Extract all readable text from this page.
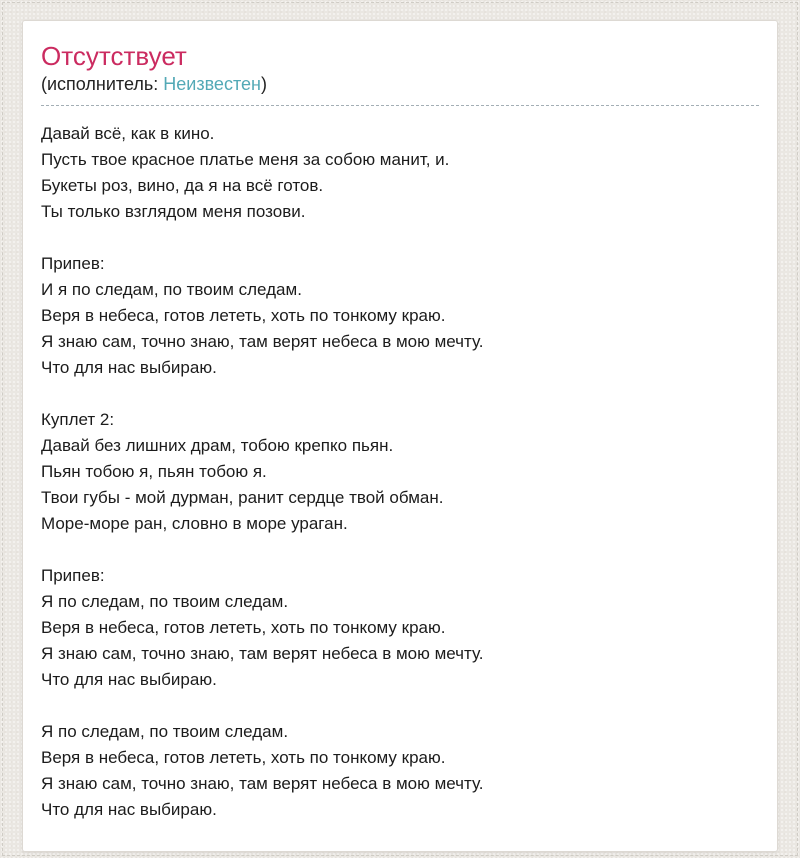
Отсутствует
(исполнитель: Неизвестен)
Давай всё, как в кино.
Пусть твое красное платье меня за собою манит, и.
Букеты роз, вино, да я на всё готов.
Ты только взглядом меня позови.
Припев:
И я по следам, по твоим следам.
Веря в небеса, готов лететь, хоть по тонкому краю.
Я знаю сам, точно знаю, там верят небеса в мою мечту.
Что для нас выбираю.
Куплет 2:
Давай без лишних драм, тобою крепко пьян.
Пьян тобою я, пьян тобою я.
Твои губы - мой дурман, ранит сердце твой обман.
Море-море ран, словно в море ураган.
Припев:
Я по следам, по твоим следам.
Веря в небеса, готов лететь, хоть по тонкому краю.
Я знаю сам, точно знаю, там верят небеса в мою мечту.
Что для нас выбираю.
Я по следам, по твоим следам.
Веря в небеса, готов лететь, хоть по тонкому краю.
Я знаю сам, точно знаю, там верят небеса в мою мечту.
Что для нас выбираю.
